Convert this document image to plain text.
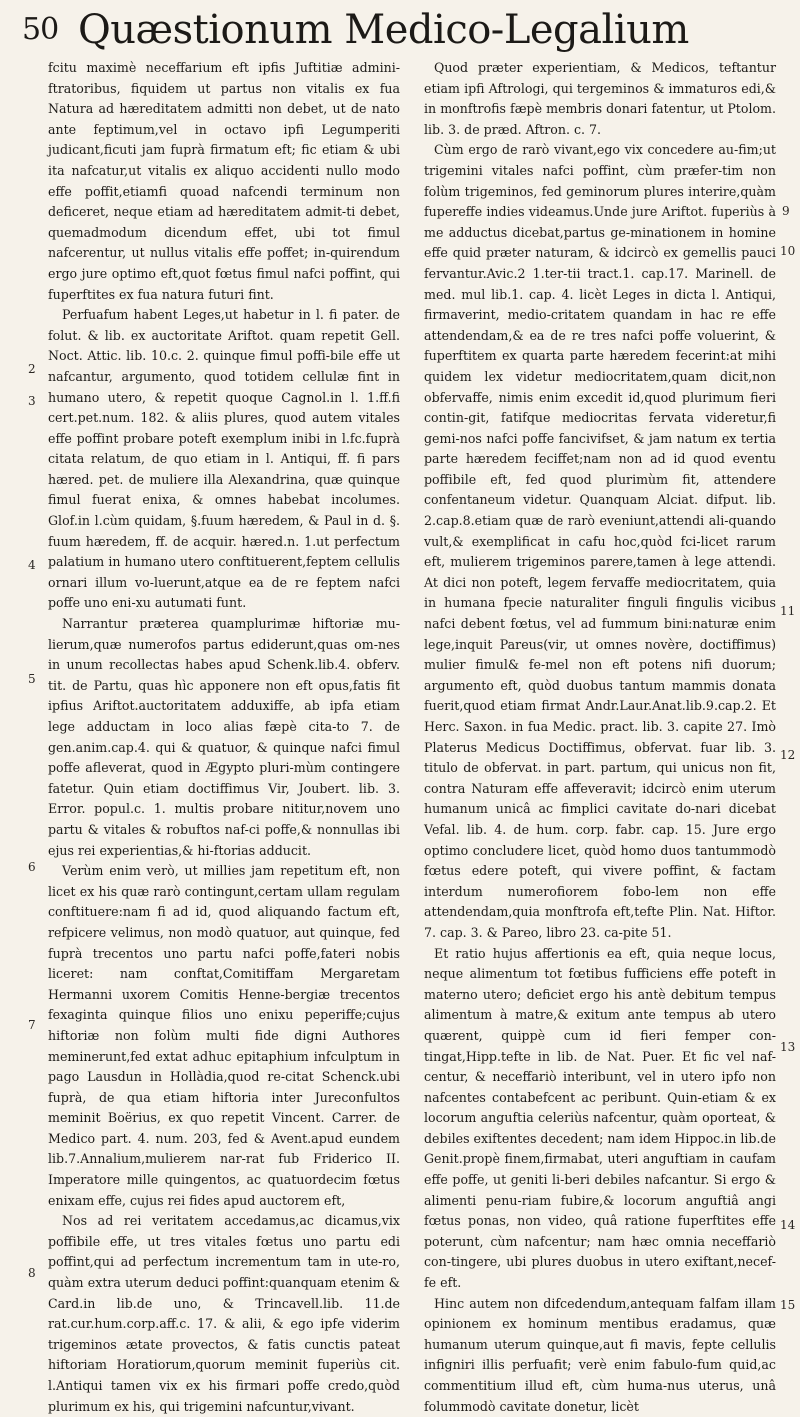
50 Quæstionum Medico-Legalium

fcitu maximè neceffarium eft ipfis Juftitiæ admini-ftratoribus, fiquidem ut partus non vitalis ex fua Natura ad hæreditatem admitti non debet, ut de nato ante feptimum,vel in octavo ipfi Legumperiti judicant,ficuti jam fuprà firmatum eft; fic etiam & ubi ita nafcatur,ut vitalis ex aliquo accidenti nullo modo effe poffit,etiamfi quoad nafcendi terminum non deficeret, neque etiam ad hæreditatem admit-ti debet, quemadmodum dicendum effet, ubi tot fimul nafcerentur, ut nullus vitalis effe poffet; in-quirendum ergo jure optimo eft,quot fœtus fimul nafci poffint, qui fuperftites ex fua natura futuri fint.

Perfuafum habent Leges,ut habetur in l. fi pater. de folut. & lib. ex auctoritate Ariftot. quam repetit Gell. Noct. Attic. lib. 10.c. 2. quinque fimul poffi-bile effe ut nafcantur, argumento, quod totidem cellulæ fint in humano utero, & repetit quoque Cagnol.in l. 1.ff.fi cert.pet.num. 182. & aliis plures, quod autem vitales effe poffint probare poteft exemplum inibi in l.fc.fuprà citata relatum, de quo etiam in l. Antiqui, ff. fi pars hæred. pet. de muliere illa Alexandrina, quæ quinque fimul fuerat enixa, & omnes habebat incolumes. Glof.in l.cùm quidam, §.fuum hæredem, & Paul in d. §. fuum hæredem, ff. de acquir. hæred.n. 1.ut perfectum palatium in humano utero conftituerent,feptem cellulis ornari illum vo-luerunt,atque ea de re feptem nafci poffe uno eni-xu autumati funt.

Narrantur præterea quamplurimæ hiftoriæ mu-lierum,quæ numerofos partus ediderunt,quas om-nes in unum recollectas habes apud Schenk.lib.4. obferv. tit. de Partu, quas hìc apponere non eft opus,fatis fit ipfius Ariftot.auctoritatem adduxiffe, ab ipfa etiam lege adductam in loco alias fæpè cita-to 7. de gen.anim.cap.4. qui & quatuor, & quinque nafci fimul poffe afleverat, quod in Ægypto pluri-mùm contingere fatetur. Quin etiam doctiffimus Vir, Joubert. lib. 3. Error. popul.c. 1. multis probare nititur,novem uno partu & vitales & robuftos naf-ci poffe,& nonnullas ibi ejus rei experientias,& hi-ftorias adducit.

Verùm enim verò, ut millies jam repetitum eft, non licet ex his quæ rarò contingunt,certam ullam regulam conftituere:nam fi ad id, quod aliquando factum eft, refpicere velimus, non modò quatuor, aut quinque, fed fuprà trecentos uno partu nafci poffe,fateri nobis liceret: nam conftat,Comitiffam Mergaretam Hermanni uxorem Comitis Henne-bergiæ trecentos fexaginta quinque filios uno enixu peperiffe;cujus hiftoriæ non folùm multi fide digni Authores meminerunt,fed extat adhuc epitaphium infculptum in pago Lausdun in Hollàdia,quod re-citat Schenck.ubi fuprà, de qua etiam hiftoria inter Jureconfultos meminit Boërius, ex quo repetit Vincent. Carrer. de Medico part. 4. num. 203, fed & Avent.apud eundem lib.7.Annalium,mulierem nar-rat fub Friderico II. Imperatore mille quingentos, ac quatuordecim fœtus enixam effe, cujus rei fides apud auctorem eft,

Nos ad rei veritatem accedamus,ac dicamus,vix poffibile effe, ut tres vitales fœtus uno partu edi poffint,qui ad perfectum incrementum tam in ute-ro, quàm extra uterum deduci poffint:quanquam etenim & Card.in lib.de uno, & Trincavell.lib. 11.de rat.cur.hum.corp.aff.c. 17. & alii, & ego ipfe viderim trigeminos ætate provectos, & fatis cunctis pateat hiftoriam Horatiorum,quorum meminit fuperiùs cit. l.Antiqui tamen vix ex his firmari poffe credo,quòd plurimum ex his, qui trigemini nafcuntur,vivant.

Quod præter experientiam, & Medicos, teftantur etiam ipfi Aftrologi, qui tergeminos & immaturos edi,& in monftrofis fæpè membris donari fatentur, ut Ptolom. lib. 3. de præd. Aftron. c. 7.

Cùm ergo de rarò vivant,ego vix concedere au-fim;ut trigemini vitales nafci poffint, cùm præfer-tim non folùm trigeminos, fed geminorum plures interire,quàm fupereffe indies videamus.Unde jure Ariftot. fuperiùs à me adductus dicebat,partus ge-minationem in homine effe quid præter naturam, & idcircò ex gemellis pauci fervantur.Avic.2 1.ter-tii tract.1. cap.17. Marinell. de med. mul lib.1. cap. 4. licèt Leges in dicta l. Antiqui, firmaverint, medio-critatem quandam in hac re effe attendendam,& ea de re tres nafci poffe voluerint, & fuperftitem ex quarta parte hæredem fecerint:at mihi quidem lex videtur mediocritatem,quam dicit,non obfervaffe, nimis enim excedit id,quod plurimum fieri contin-git, fatifque mediocritas fervata videretur,fi gemi-nos nafci poffe fancivifset, & jam natum ex tertia parte hæredem feciffet;nam non ad id quod eventu poffibile eft, fed quod plurimùm fit, attendere confentaneum videtur. Quanquam Alciat. difput. lib. 2.cap.8.etiam quæ de rarò eveniunt,attendi ali-quando vult,& exemplificat in cafu hoc,quòd fci-licet rarum eft, mulierem trigeminos parere,tamen à lege attendi. At dici non poteft, legem fervaffe mediocritatem, quia in humana fpecie naturaliter finguli fingulis vicibus nafci debent fœtus, vel ad fummum bini:naturæ enim lege,inquit Pareus(vir, ut omnes novère, doctiffimus) mulier fimul& fe-mel non eft potens nifi duorum; argumento eft, quòd duobus tantum mammis donata fuerit,quod etiam firmat Andr.Laur.Anat.lib.9.cap.2. Et Herc. Saxon. in fua Medic. pract. lib. 3. capite 27. Imò Platerus Medicus Doctiffimus, obfervat. fuar lib. 3. titulo de obfervat. in part. partum, qui unicus non fit, contra Naturam effe affeveravit; idcircò enim uterum humanum unicâ ac fimplici cavitate do-nari dicebat Vefal. lib. 4. de hum. corp. fabr. cap. 15. Jure ergo optimo concludere licet, quòd homo duos tantummodò fœtus edere poteft, qui vivere poffint, & factam interdum numerofiorem fobo-lem non effe attendendam,quia monftrofa eft,tefte Plin. Nat. Hiftor. 7. cap. 3. & Pareo, libro 23. ca-pite 51.

Et ratio hujus affertionis ea eft, quia neque locus, neque alimentum tot fœtibus fufficiens effe poteft in materno utero; deficiet ergo his antè debitum tempus alimentum à matre,& exitum ante tempus ab utero quærent, quippè cum id fieri femper con-tingat,Hipp.tefte in lib. de Nat. Puer. Et fic vel naf-centur, & neceffariò interibunt, vel in utero ipfo non nafcentes contabefcent ac peribunt. Quin-etiam & ex locorum anguftia celeriùs nafcentur, quàm oporteat, & debiles exiftentes decedent; nam idem Hippoc.in lib.de Genit.propè finem,firmabat, uteri anguftiam in caufam effe poffe, ut geniti li-beri debiles nafcantur. Si ergo & alimenti penu-riam fubire,& locorum anguftiâ angi fœtus ponas, non video, quâ ratione fuperftites effe poterunt, cùm nafcentur; nam hæc omnia neceffariò con-tingere, ubi plures duobus in utero exiftant,necef-fe eft.

Hinc autem non difcedendum,antequam falfam illam opinionem ex hominum mentibus eradamus, quæ humanum uterum quinque,aut fi mavis, fepte cellulis infigniri illis perfuafit; verè enim fabulo-fum quid,ac commentitium illud eft, cùm huma-nus uterus, unâ folummodò cavitate donetur, licèt

2
3
4
5
6
7
8
9
10
11
12
13
14
15
